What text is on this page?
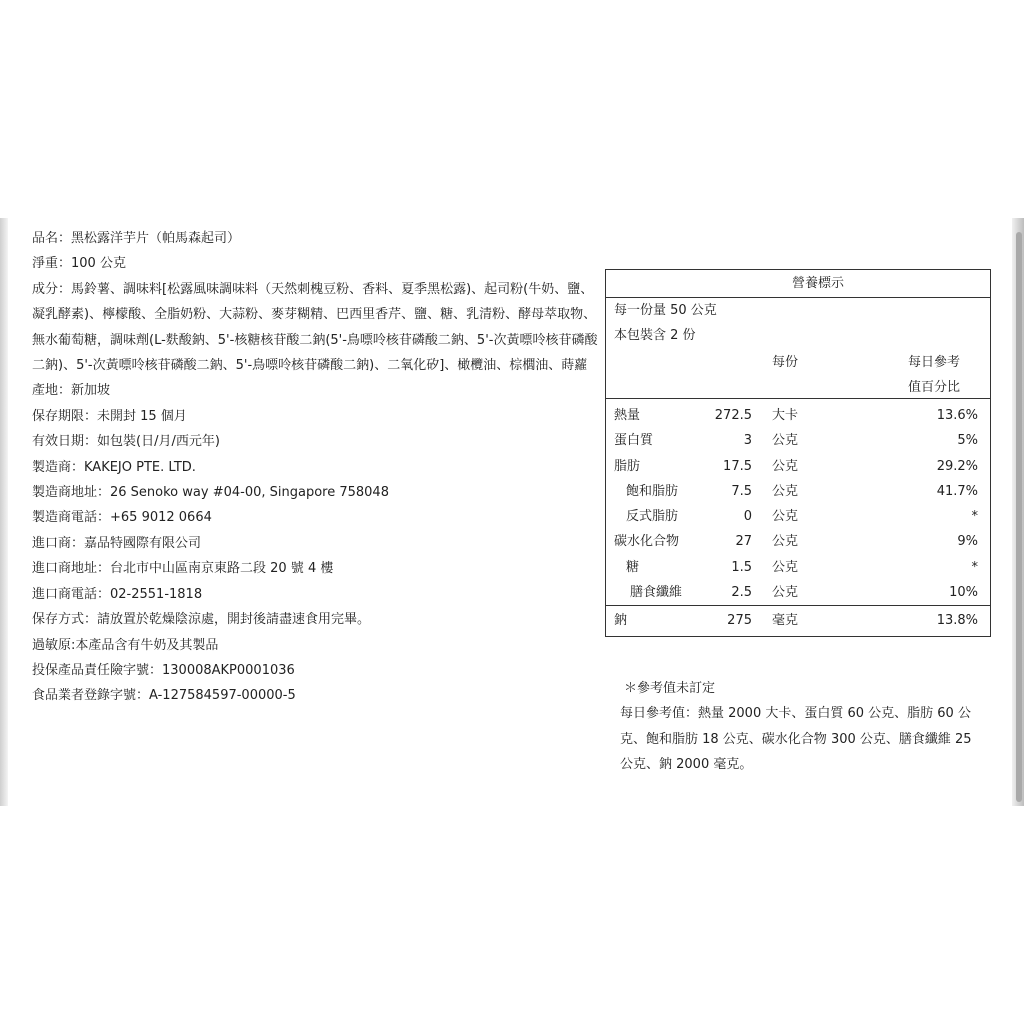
品名：黑松露洋芋片（帕馬森起司）
淨重：100 公克
成分：馬鈴薯、調味料[松露風味調味料（天然刺槐豆粉、香料、夏季黑松露)、起司粉(牛奶、鹽、凝乳酵素)、檸檬酸、全脂奶粉、大蒜粉、麥芽糊精、巴西里香芹、鹽、糖、乳清粉、酵母萃取物、無水葡萄糖，調味劑(L-麩酸鈉、5'-核糖核苷酸二鈉(5'-鳥嘌呤核苷磷酸二鈉、5'-次黃嘌呤核苷磷酸二鈉)、5'-次黃嘌呤核苷磷酸二鈉、5'-鳥嘌呤核苷磷酸二鈉)、二氧化矽]、橄欖油、棕櫚油、蒔蘿
產地：新加坡
保存期限：未開封 15 個月
有效日期：如包裝(日/月/西元年)
製造商：KAKEJO PTE. LTD.
製造商地址：26 Senoko way #04-00, Singapore 758048
製造商電話：+65 9012 0664
進口商：嘉品特國際有限公司
進口商地址：台北市中山區南京東路二段 20 號 4 樓
進口商電話：02-2551-1818
保存方式：請放置於乾燥陰涼處，開封後請盡速食用完畢。
過敏原:本產品含有牛奶及其製品
投保產品責任險字號：130008AKP0001036
食品業者登錄字號：A-127584597-00000-5
營養標示
每一份量 50 公克
本包裝含 2 份
每份	每日參考
值百分比
熱量	272.5 大卡	13.6%
蛋白質	3 公克	5%
脂肪	17.5 公克	29.2%
飽和脂肪	7.5 公克	41.7%
反式脂肪	0 公克	*
碳水化合物	27 公克	9%
糖	1.5 公克	*
膳食纖維	2.5 公克	10%
鈉	275 毫克	13.8%
＊參考值未訂定
每日參考值：熱量 2000 大卡、蛋白質 60 公克、脂肪 60 公克、飽和脂肪 18 公克、碳水化合物 300 公克、膳食纖維 25 公克、鈉 2000 毫克。
